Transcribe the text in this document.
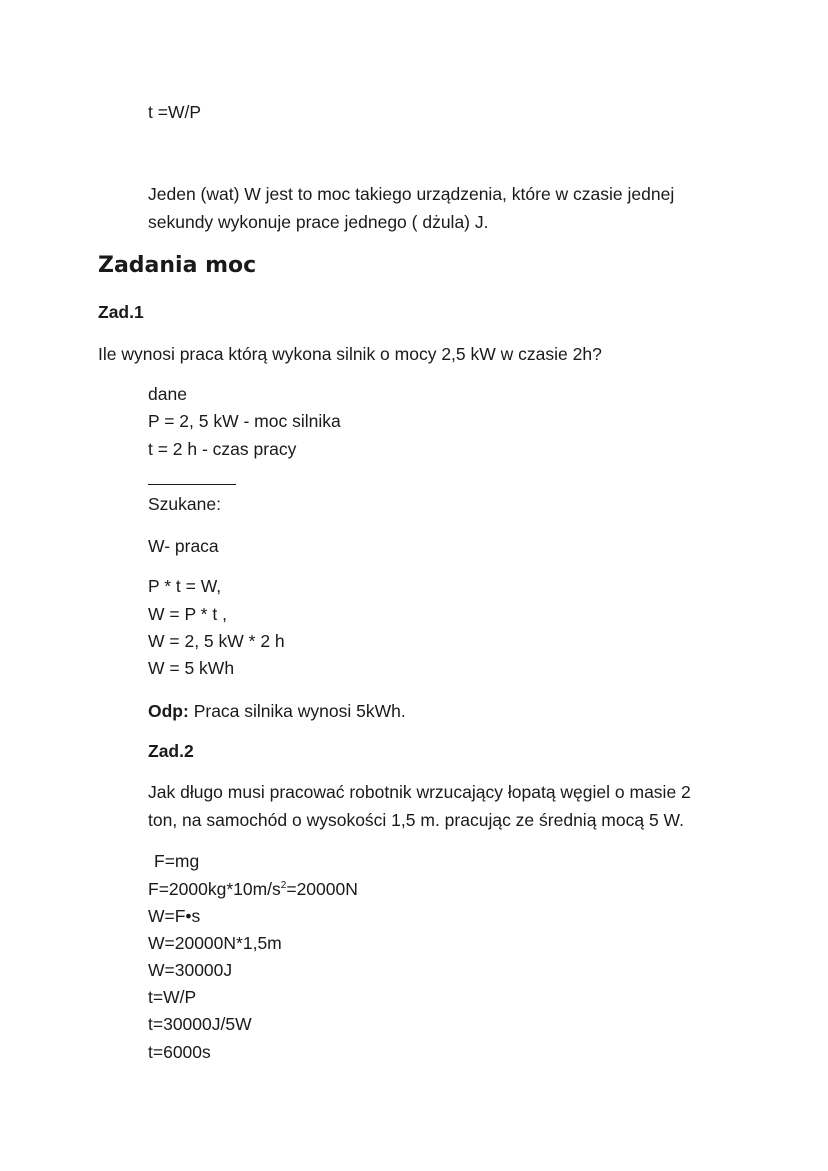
t =W/P
Jeden (wat) W jest to moc takiego urządzenia, które w czasie jednej
sekundy wykonuje prace jednego ( dżula) J.
Zadania moc
Zad.1
Ile wynosi praca którą wykona silnik o mocy 2,5 kW w czasie 2h?
dane
P = 2, 5 kW - moc silnika
t = 2 h - czas pracy
Szukane:
W- praca
P * t = W,
W = P * t ,
W = 2, 5 kW * 2 h
W = 5 kWh
Odp: Praca silnika wynosi 5kWh.
Zad.2
Jak długo musi pracować robotnik wrzucający łopatą węgiel o masie 2
ton, na samochód o wysokości 1,5 m. pracując ze średnią mocą 5 W.
F=mg
$F=2000kg*10m/s^2=20000N$
W=F•s
W=20000N*1,5m
W=30000J
t=W/P
t=30000J/5W
t=6000s
